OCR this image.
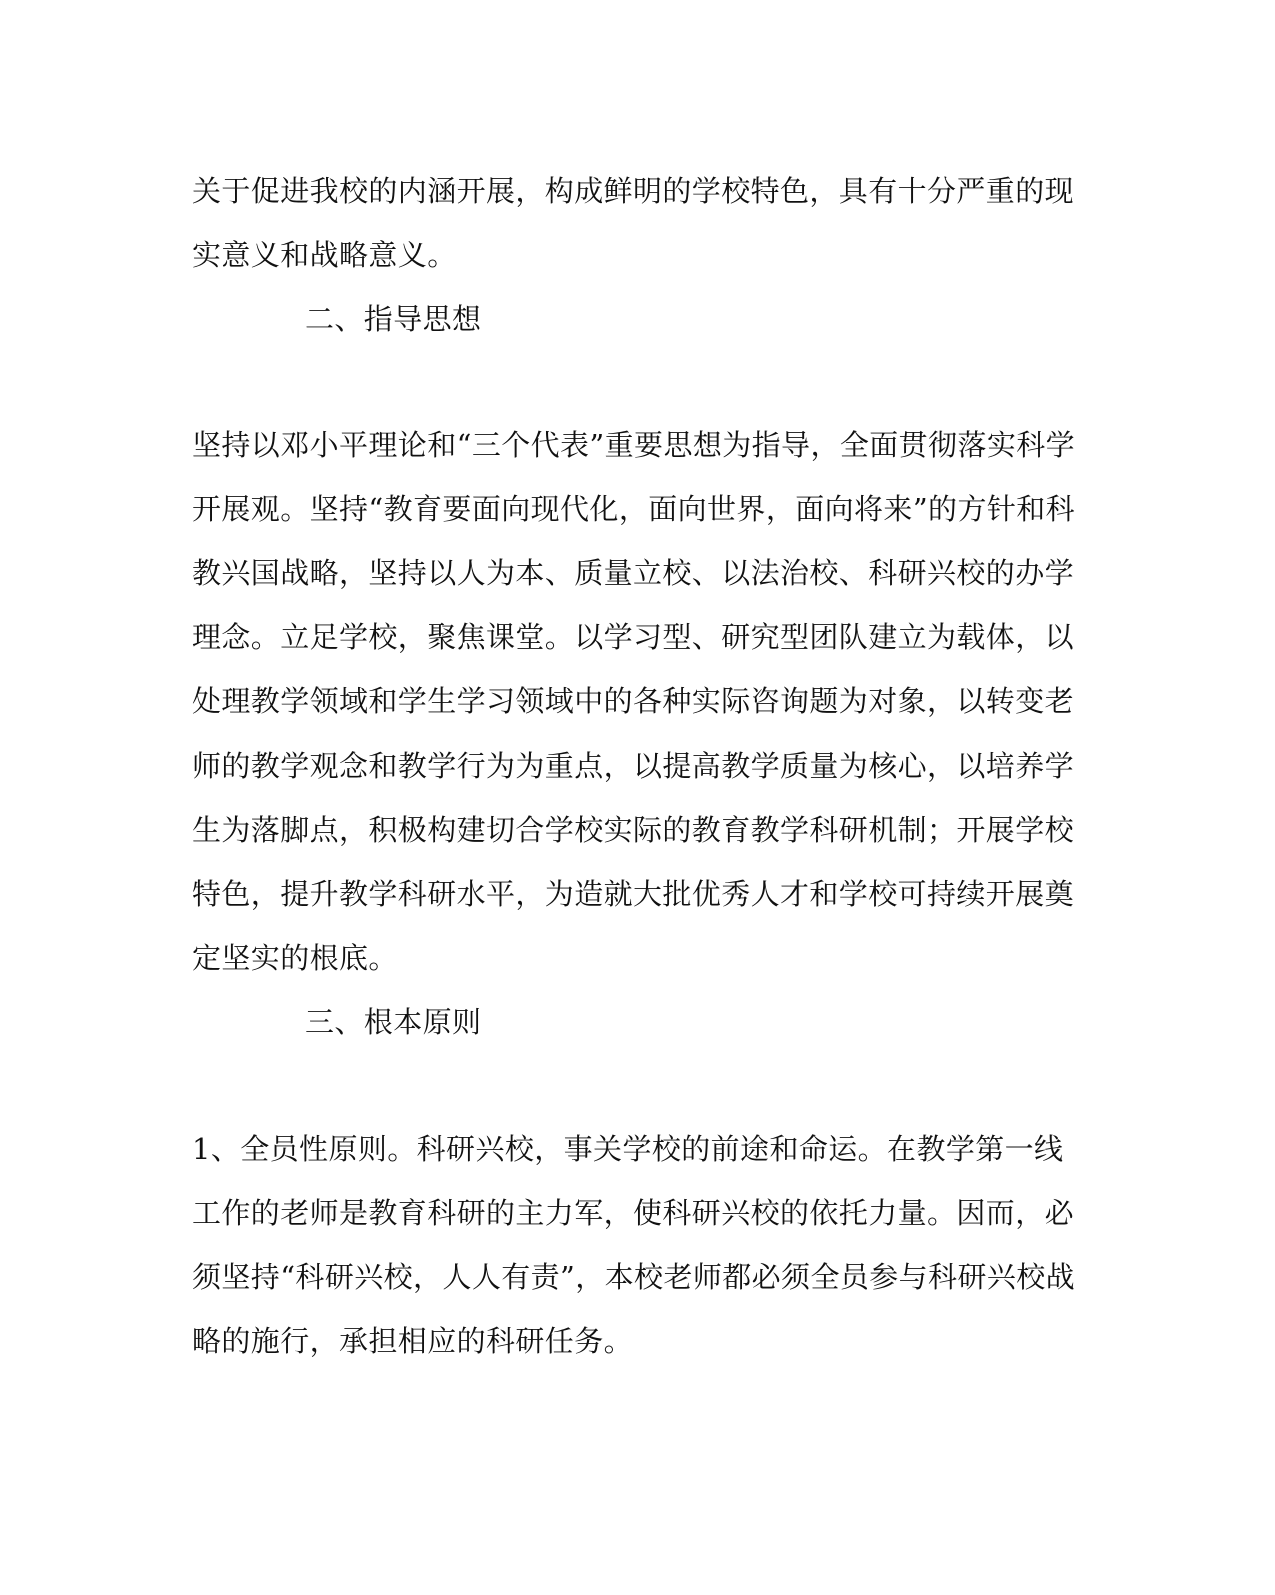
关于促进我校的内涵开展，构成鲜明的学校特色，具有十分严重的现
实意义和战略意义。
二、指导思想
坚持以邓小平理论和“三个代表”重要思想为指导，全面贯彻落实科学
开展观。坚持“教育要面向现代化，面向世界，面向将来”的方针和科
教兴国战略，坚持以人为本、质量立校、以法治校、科研兴校的办学
理念。立足学校，聚焦课堂。以学习型、研究型团队建立为载体，以
处理教学领域和学生学习领域中的各种实际咨询题为对象，以转变老
师的教学观念和教学行为为重点，以提高教学质量为核心，以培养学
生为落脚点，积极构建切合学校实际的教育教学科研机制；开展学校
特色，提升教学科研水平，为造就大批优秀人才和学校可持续开展奠
定坚实的根底。
三、根本原则
1、全员性原则。科研兴校，事关学校的前途和命运。在教学第一线
工作的老师是教育科研的主力军，使科研兴校的依托力量。因而，必
须坚持“科研兴校，人人有责”，本校老师都必须全员参与科研兴校战
略的施行，承担相应的科研任务。
